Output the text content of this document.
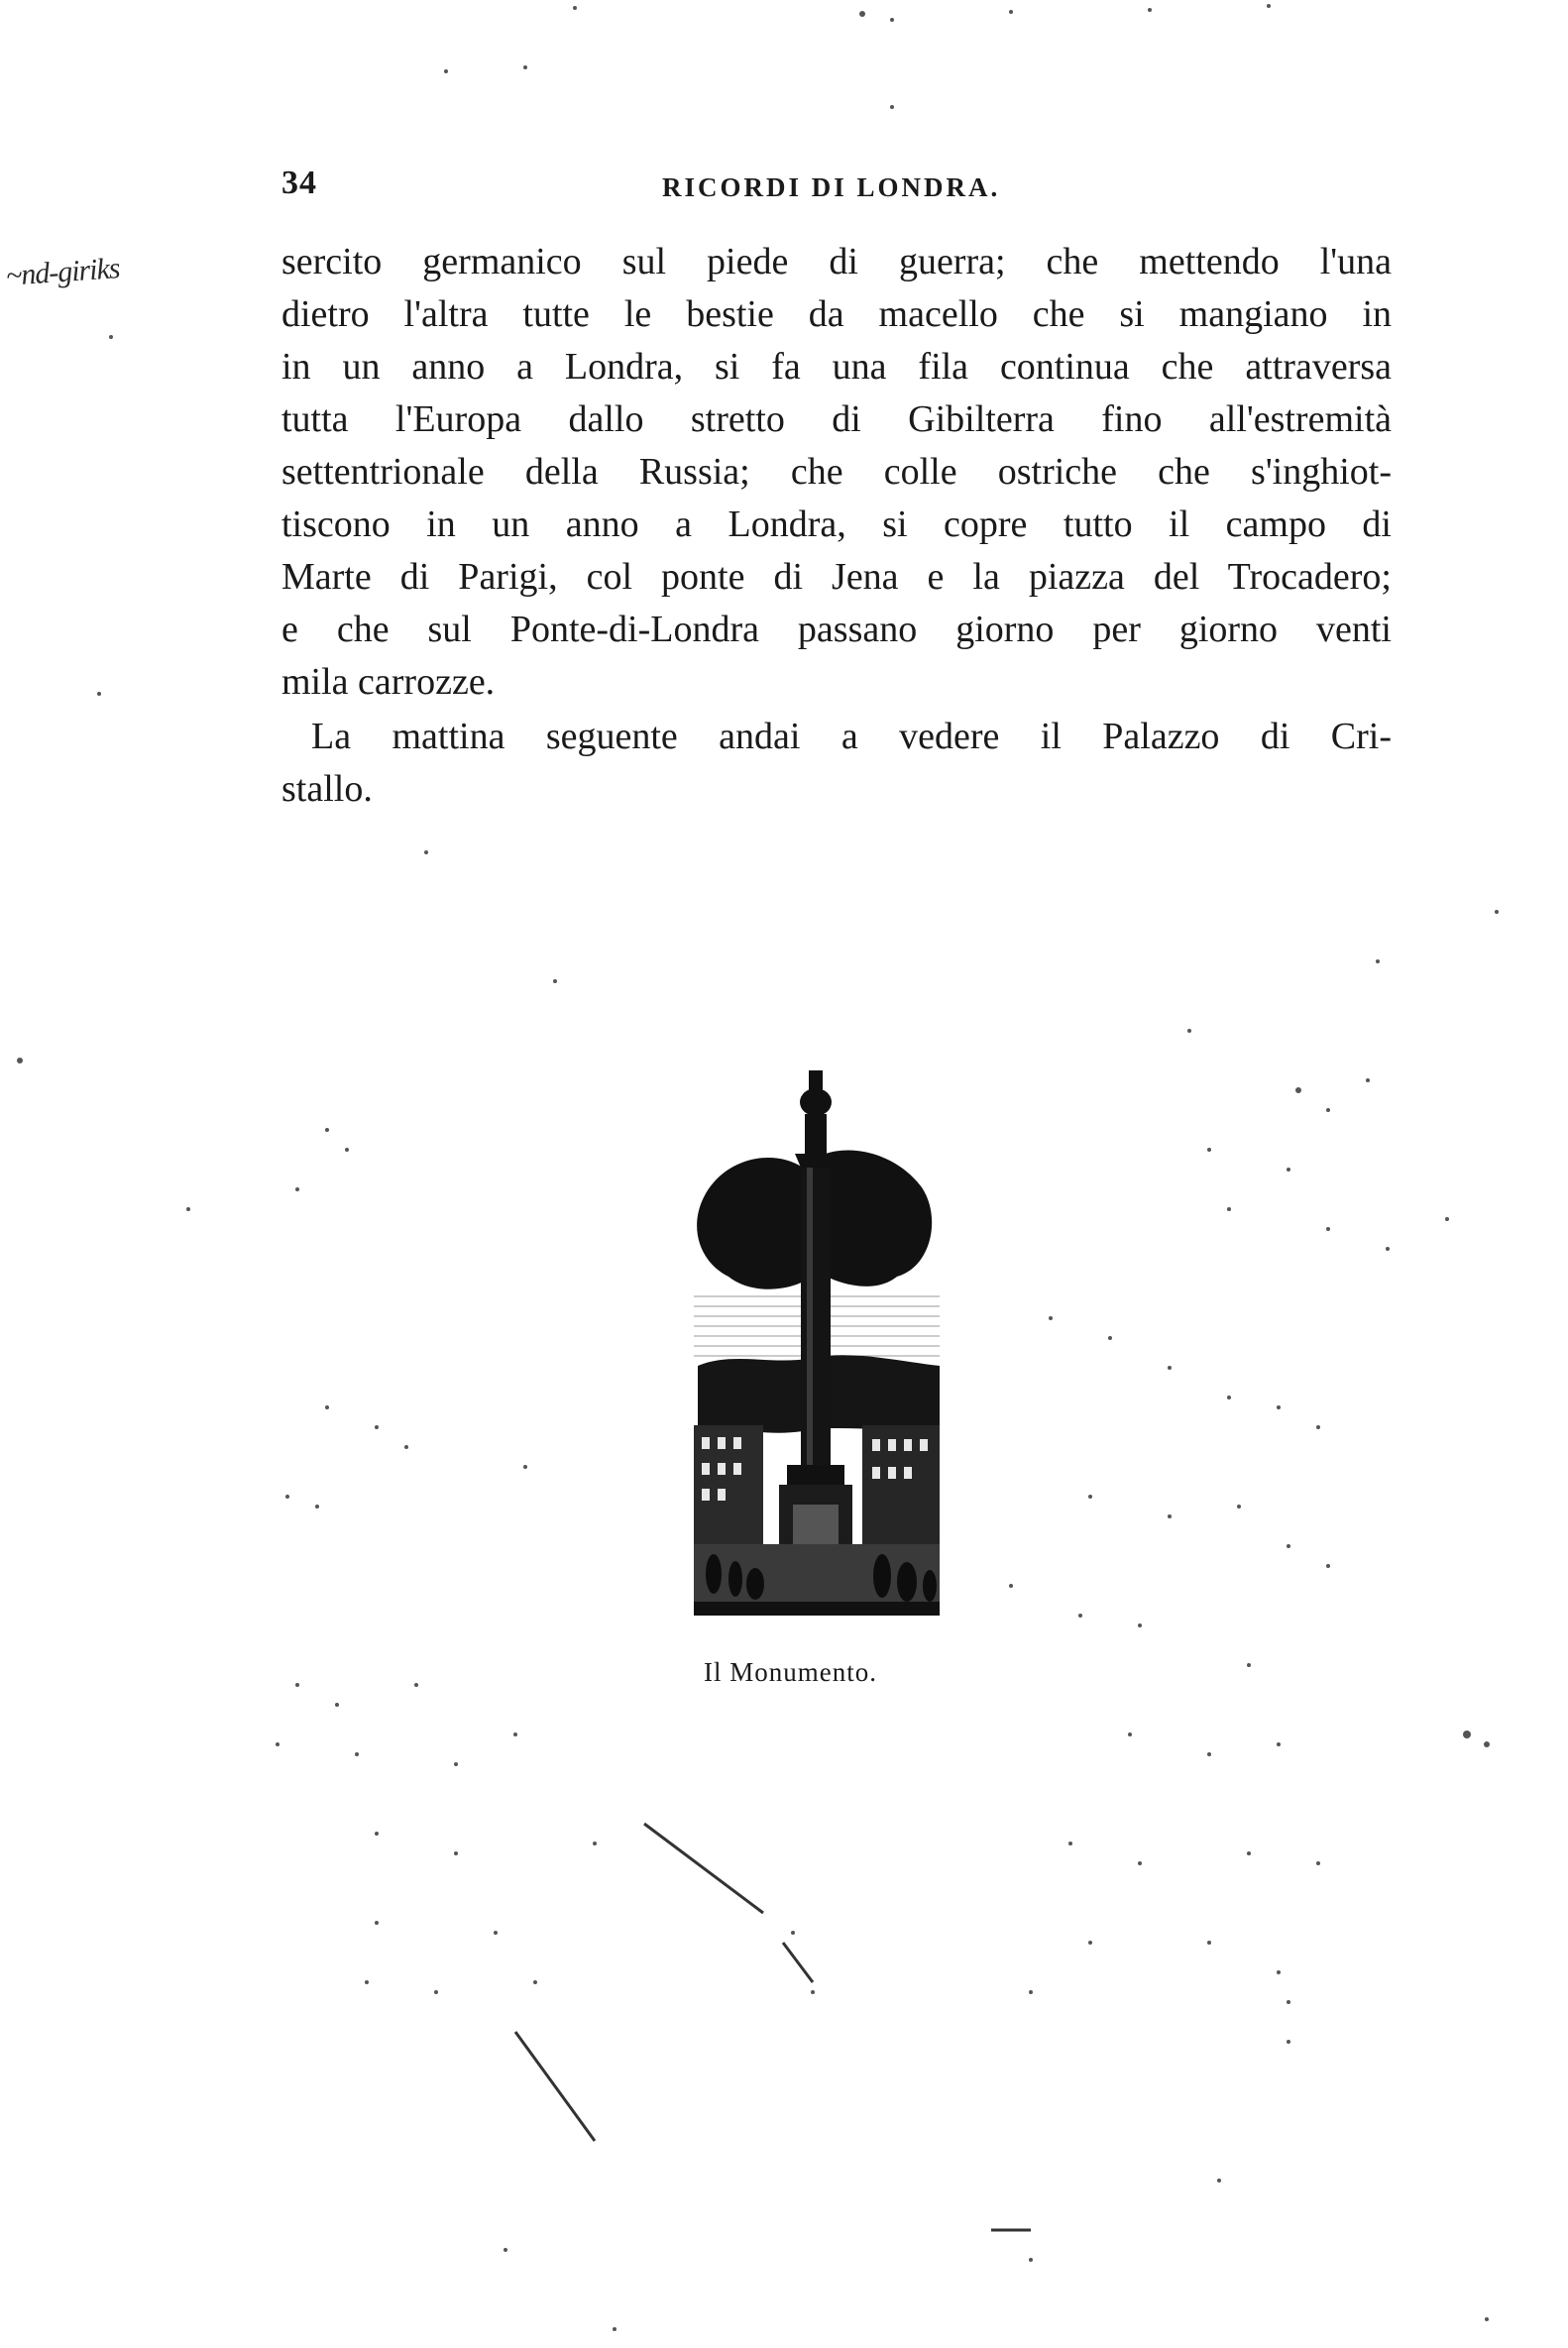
34	RICORDI DI LONDRA.
~nd-giriks	sercito germanico sul piede di guerra; che mettendo l'una
dietro l'altra tutte le bestie da macello che si mangiano in
in un anno a Londra, si fa una fila continua che attraversa
tutta l'Europa dallo stretto di Gibilterra fino all'estremità
settentrionale della Russia; che colle ostriche che s'inghiot-
tiscono in un anno a Londra, si copre tutto il campo di
Marte di Parigi, col ponte di Jena e la piazza del Trocadero;
e che sul Ponte-di-Londra passano giorno per giorno venti
mila carrozze.
La mattina seguente andai a vedere il Palazzo di Cri-
stallo.
Il Monumento.
